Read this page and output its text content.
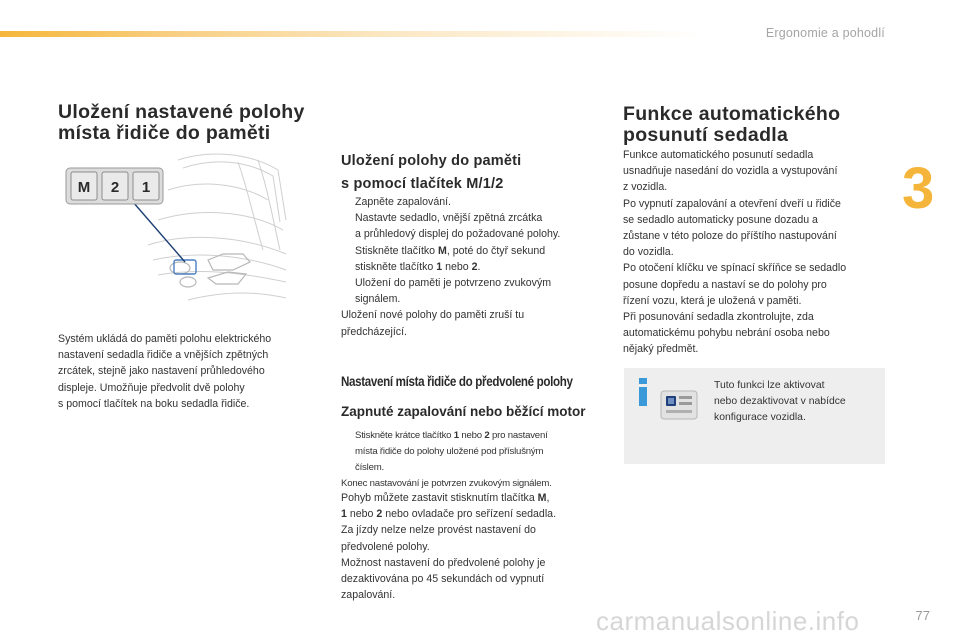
Ergonomie a pohodlí
3
Uložení nastavené polohy
místa řidiče do paměti
M 2 1
Systém ukládá do paměti polohu elektrického
nastavení sedadla řidiče a vnějších zpětných
zrcátek, stejně jako nastavení průhledového
displeje. Umožňuje předvolit dvě polohy
s pomocí tlačítek na boku sedadla řidiče.
Uložení polohy do paměti
s pomocí tlačítek M/1/2
Zapněte zapalování.
Nastavte sedadlo, vnější zpětná zrcátka
a průhledový displej do požadované polohy.
Stiskněte tlačítko M, poté do čtyř sekund
stiskněte tlačítko 1 nebo 2.
Uložení do paměti je potvrzeno zvukovým
signálem.
Uložení nové polohy do paměti zruší tu
předcházející.
Nastavení místa řidiče do předvolené polohy
Zapnuté zapalování nebo běžící motor
Stiskněte krátce tlačítko 1 nebo 2 pro nastavení
místa řidiče do polohy uložené pod příslušným
číslem.
Konec nastavování je potvrzen zvukovým signálem.
Pohyb můžete zastavit stisknutím tlačítka M,
1 nebo 2 nebo ovladače pro seřízení sedadla.
Za jízdy nelze nelze provést nastavení do
předvolené polohy.
Možnost nastavení do předvolené polohy je
dezaktivována po 45 sekundách od vypnutí
zapalování.
Funkce automatického
posunutí sedadla
Funkce automatického posunutí sedadla
usnadňuje nasedání do vozidla a vystupování
z vozidla.
Po vypnutí zapalování a otevření dveří u řidiče
se sedadlo automaticky posune dozadu a
zůstane v této poloze do příštího nastupování
do vozidla.
Po otočení klíčku ve spínací skříňce se sedadlo
posune dopředu a nastaví se do polohy pro
řízení vozu, která je uložená v paměti.
Při posunování sedadla zkontrolujte, zda
automatickému pohybu nebrání osoba nebo
nějaký předmět.
Tuto funkci lze aktivovat
nebo dezaktivovat v nabídce
konfigurace vozidla.
carmanualsonline.info	77
